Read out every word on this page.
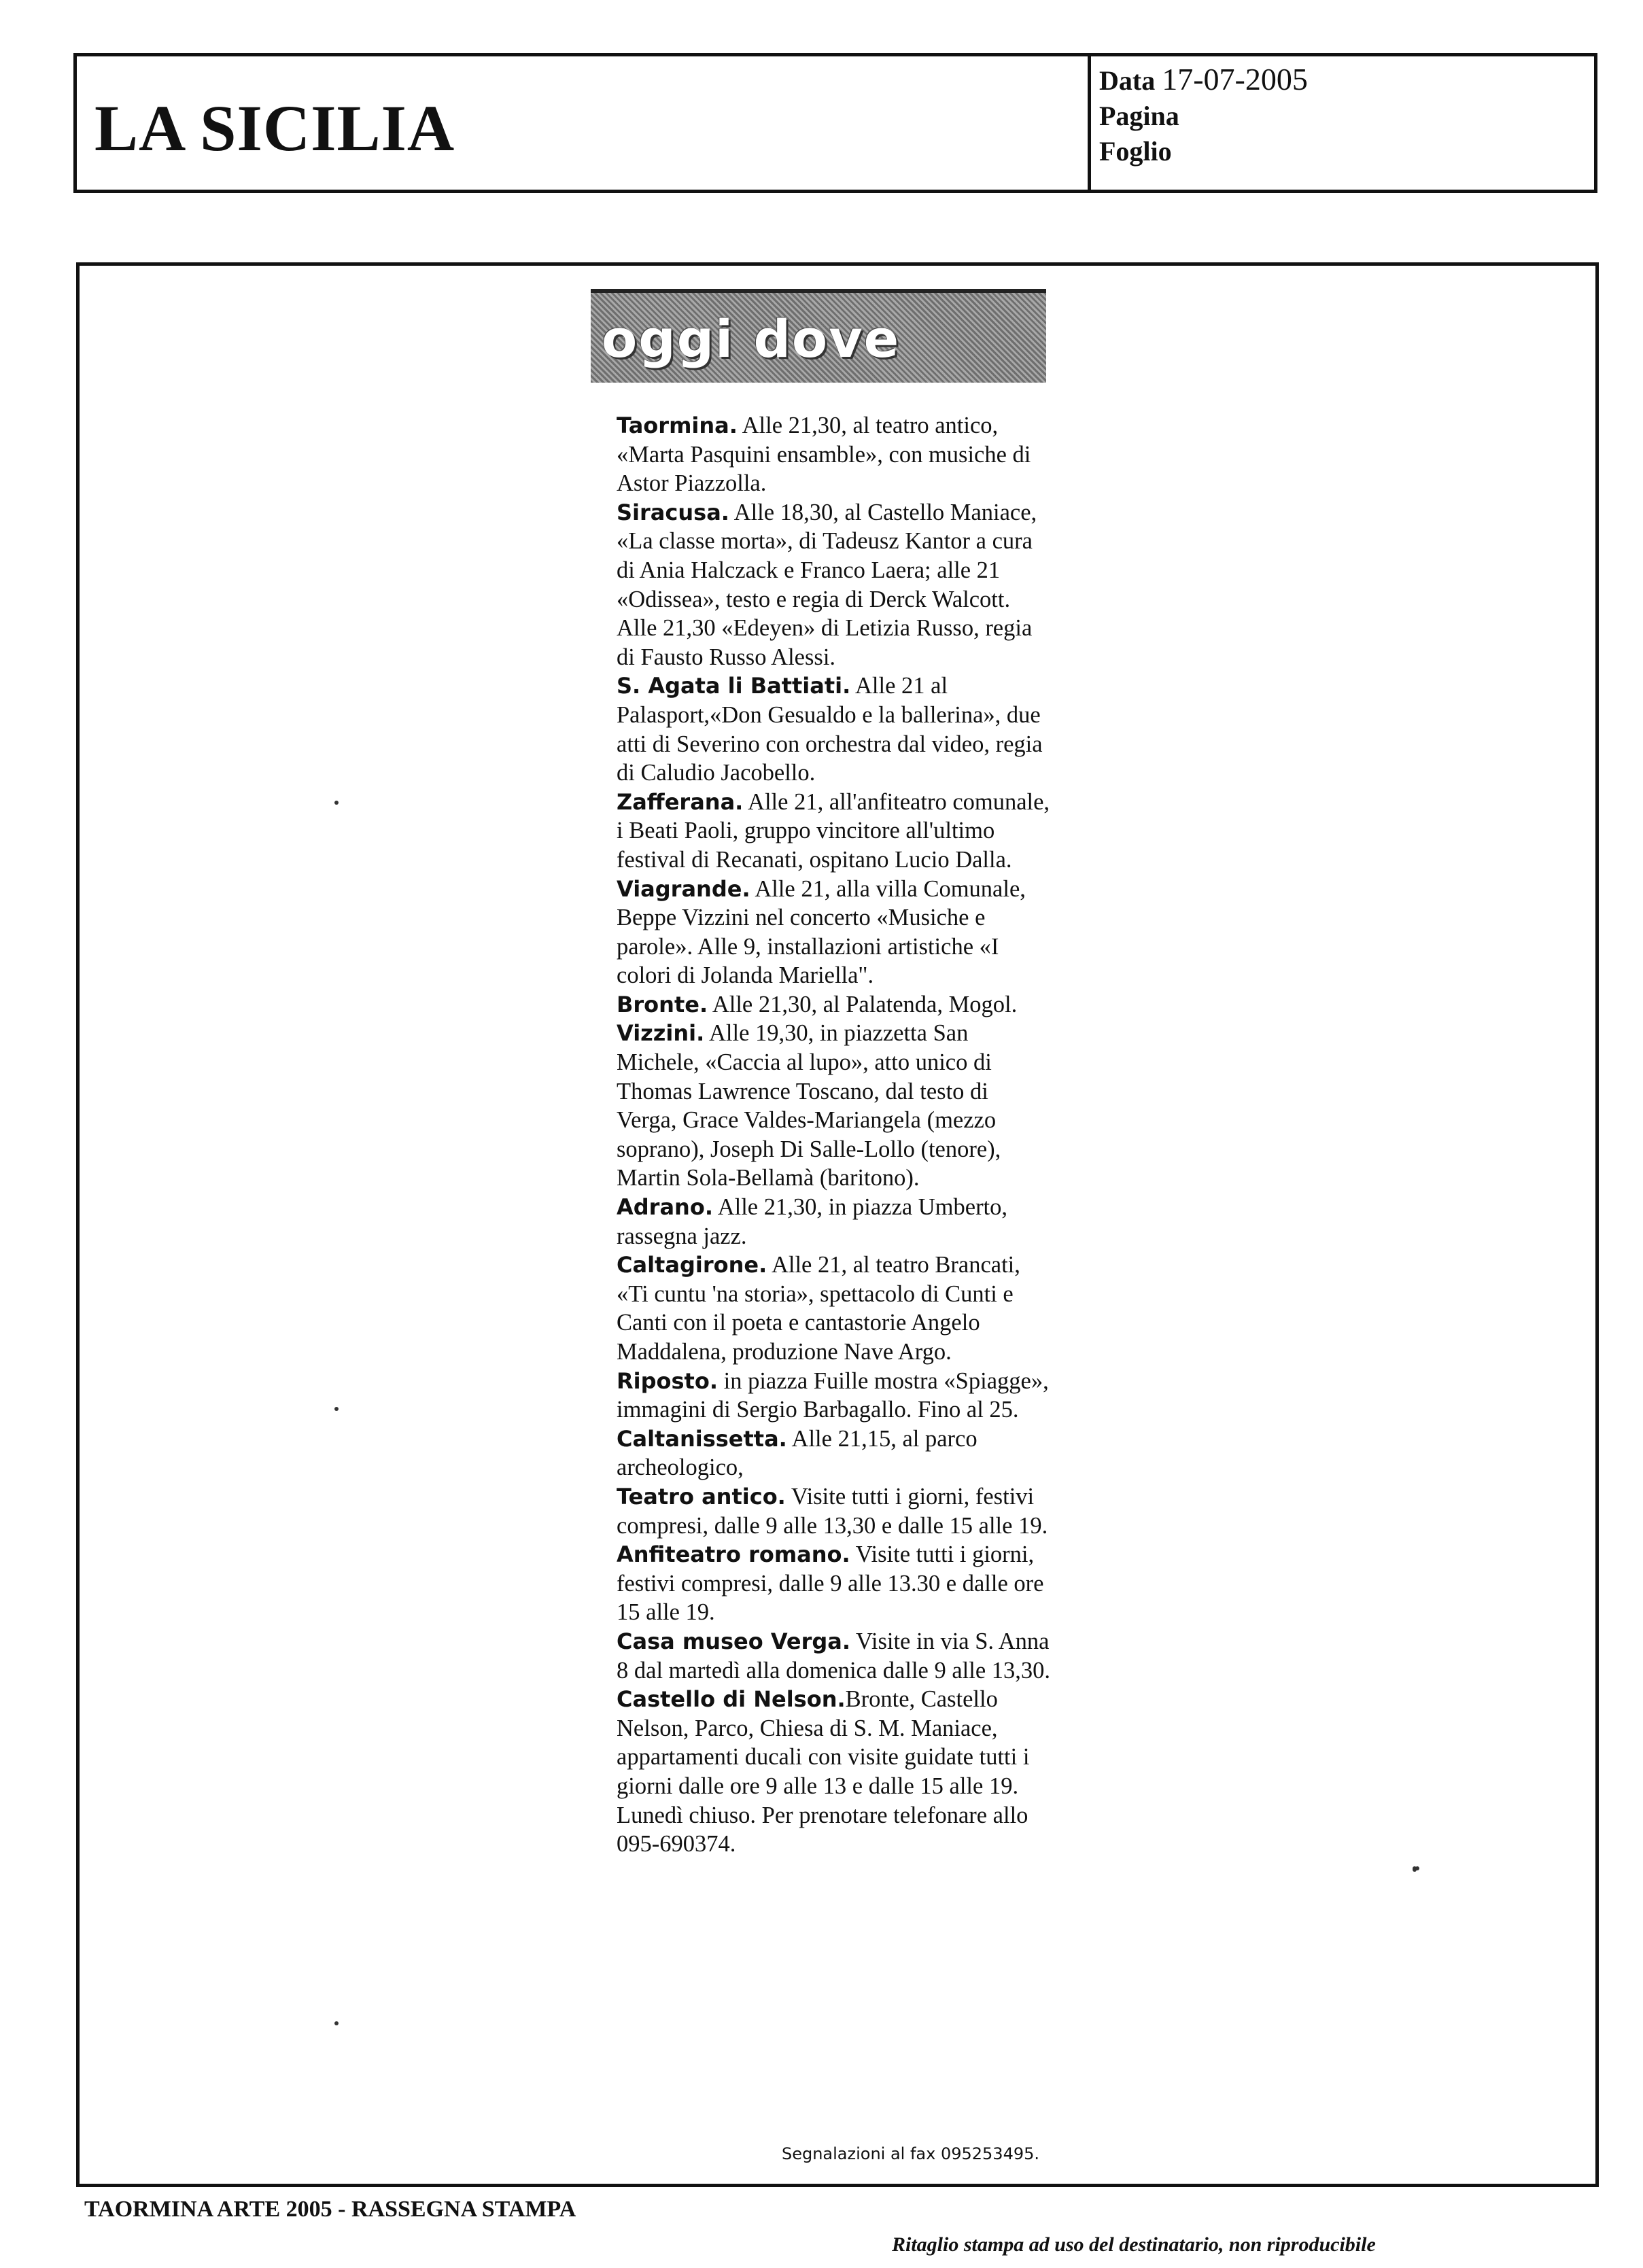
LA SICILIA
Data 17-07-2005
Pagina
Foglio
oggi dove

Taormina. Alle 21,30, al teatro antico, «Marta Pasquini ensamble», con musiche di Astor Piazzolla.

Siracusa. Alle 18,30, al Castello Maniace, «La classe morta», di Tadeusz Kantor a cura di Ania Halczack e Franco Laera; alle 21 «Odissea», testo e regia di Derck Walcott. Alle 21,30 «Edeyen» di Letizia Russo, regia di Fausto Russo Alessi.

S. Agata li Battiati. Alle 21 al Palasport,«Don Gesualdo e la ballerina», due atti di Severino con orchestra dal video, regia di Caludio Jacobello.

Zafferana. Alle 21, all'anfiteatro comunale, i Beati Paoli, gruppo vincitore all'ultimo festival di Recanati, ospitano Lucio Dalla.

Viagrande. Alle 21, alla villa Comunale, Beppe Vizzini nel concerto «Musiche e parole». Alle 9, installazioni artistiche «I colori di Jolanda Mariella".

Bronte. Alle 21,30, al Palatenda, Mogol.

Vizzini. Alle 19,30, in piazzetta San Michele, «Caccia al lupo», atto unico di Thomas Lawrence Toscano, dal testo di Verga, Grace Valdes-Mariangela (mezzo soprano), Joseph Di Salle-Lollo (tenore), Martin Sola-Bellamà (baritono).

Adrano. Alle 21,30, in piazza Umberto, rassegna jazz.

Caltagirone. Alle 21, al teatro Brancati, «Ti cuntu 'na storia», spettacolo di Cunti e Canti con il poeta e cantastorie Angelo Maddalena, produzione Nave Argo.

Riposto. in piazza Fuille mostra «Spiagge», immagini di Sergio Barbagallo. Fino al 25.

Caltanissetta. Alle 21,15, al parco archeologico,

Teatro antico. Visite tutti i giorni, festivi compresi, dalle 9 alle 13,30 e dalle 15 alle 19.

Anfiteatro romano. Visite tutti i giorni, festivi compresi, dalle 9 alle 13.30 e dalle ore 15 alle 19.

Casa museo Verga. Visite in via S. Anna 8 dal martedì alla domenica dalle 9 alle 13,30.

Castello di Nelson.Bronte, Castello Nelson, Parco, Chiesa di S. M. Maniace, appartamenti ducali con visite guidate tutti i giorni dalle ore 9 alle 13 e dalle 15 alle 19. Lunedì chiuso. Per prenotare telefonare allo 095-690374.

Segnalazioni al fax 095253495.
TAORMINA ARTE 2005 - RASSEGNA STAMPA
Ritaglio stampa ad uso del destinatario, non riproducibile
